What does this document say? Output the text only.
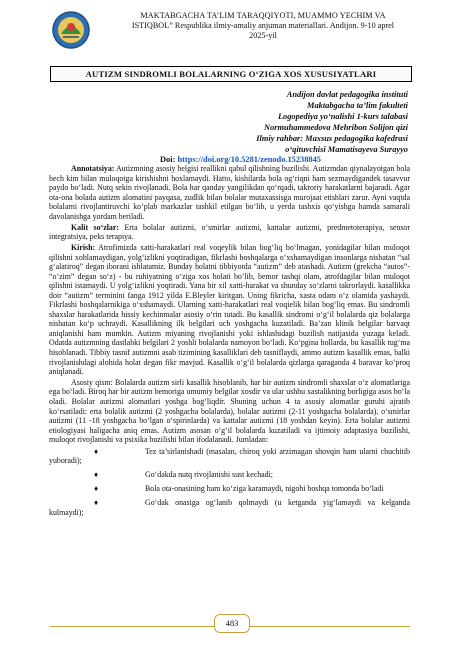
MAKTABGACHA TA’LIM TARAQQIYOTI, MUAMMO YECHIM VA
ISTIQBOL” Respublika ilmiy-amaliy anjuman materiallari. Andijon. 9-10 aprel
2025-yil
AUTIZM SINDROMLI BOLALARNING O‘ZIGA XOS XUSUSIYATLARI
Andijon davlat pedagogika instituti
Maktabgacha ta’lim fakulteti
Logopediya yo‘nalishi 1-kurs talabasi
Normuhammedova Mehribon Solijon qizi
Ilmiy rahbar: Maxsus pedagogika kafedrasi
o‘qituvchisi Mamatisayeva Surayyo
Doi: https://doi.org/10.5281/zenodo.15238845

Annotatsiya: Autizmning asosiy belgisi reallikni qabul qilishning buzilishi. Autizmdan qiynalayotgan bola hech kim bilan muloqotga kirishishni hoxlamaydi. Hatto, kishilarda bola og‘riqni ham sezmaydigandek tasavvur paydo bo‘ladi. Nutq sekin rivojlanadi. Bola har qanday yangilikdan qo‘rqadi, takroriy harakatlarni bajaradi. Agar ota-ona bolada autizm alomatini payqasa, zudlik bilan bolalar mutaxassisga murojaat etishlari zarur. Ayni vaqtda bolalarni rivojlantiruvchi ko‘plab markazlar tashkil etilgan bo‘lib, u yerda tashxis qo‘yishga hamda samarali davolanishga yordam beriladi.

Kalit so‘zlar: Erta bolalar autizmi, o‘smirlar autizmi, kattalar autizmi, predmetoterapiya, sensor integratsiya, peks terapiya.

Kirish: Atrofimizda xatti-harakatlari real voqeylik bilan bog‘liq bo‘lmagan, yonidagilar bilan muloqot qilishni xohlamaydigan, yolg‘izlikni yoqtiradigan, fikrlashi boshqalarga o‘xshamaydigan insonlarga nisbatan “sal g‘alatiroq” degan iborani ishlatamiz. Bunday holatni tibbiyotda “autizm” deb atashadi. Autizm (grekcha “autos”- “o‘zim” degan so‘z) - bu ruhiyatning o‘ziga xos holati bo‘lib, bemor tashqi olam, atrofdagilar bilan muloqot qilishni istamaydi. U yolg‘izlikni yoqtiradi. Yana bir xil xatti-harakat va shunday so‘zlarni takrorlaydi. kasallikka doir “autizm” terminini fanga 1912 yilda E.Bleyler kiritgan. Uning fikricha, xasta odam o‘z olamida yashaydi. Fikrlashi boshqalarnikiga o‘xshamaydi. Ularning xatti-harakatlari real voqielik bilan bog‘liq emas. Bu sindromli shaxslar harakatlarida hissiy kechinmalar asosiy o‘rin tutadi. Bu kasallik sindromi o‘g‘il bolalarda qiz bolalarga nisbatan ko‘p uchraydi. Kasallikning ilk belgilari uch yoshgacha kuzatiladi. Ba’zan klinik belgilar barvaqt aniqlanishi ham mumkin. Autizm miyaning rivojlanishi yoki ishlashidagi buzilish natijasida yuzaga keladi. Odatda autizmning dastlabki belgilari 2 yoshli bolalarda namoyon bo‘ladi. Ko‘pgina hollarda, bu kasallik tug‘ma hisoblanadi. Tibbiy tasnif autizmni asab tizimining kasalliklari deb tasniflaydi, ammo autizm kasallik emas, balki rivojlanishdagi alohida holat degan fikr mavjud. Kasallik o‘g‘il bolalarda qizlarga qaraganda 4 baravar ko‘proq aniqlanadi.

Asosiy qism: Bolalarda autizm sirli kasallik hisoblanib, har bir autizm sindromli shaxslar o‘z alomatlariga ega bo‘ladi. Biroq har bir autizm bemoriga umumiy belgilar xosdir va ular ushbu xastalikning borligiga asos bo‘la oladi. Bolalar autizmi alomatlari yoshga bog‘liqdir. Shuning uchun 4 ta asosiy alomatlar guruhi ajratib ko‘rsatiladi: erta bolalik autizmi (2 yoshgacha bolalarda), bolalar autizmi (2-11 yoshgacha bolalarda), o‘smirlar autizmi (11 -18 yoshgacha bo‘lgan o‘spirinlarda) va kattalar autizmi (18 yoshdan keyin). Erta bolalar autizmi etiologiyasi haligacha aniq emas. Autizm asosan o‘g‘il bolalarda kuzatiladi va ijtimoiy adaptasiya buzilishi, muloqot rivojlanishi va psixika buzilishi bilan ifodalanadi. Jumladan:

♦	Tez ta’sirlanishadi (masalan, chiroq yoki arzimagan shovqin ham ularni chuchitib yuboradi);
♦	Go‘dakda nutq rivojlanishi sust kechadi;
♦	Bola ota-onasining ham ko‘ziga karamaydi, nigohi boshqa tomonda bo‘ladi
♦	Go‘dak onasiga og‘lanib qolmaydi (u ketganda yig‘lamaydi va kelganda kulmaydi);
483
